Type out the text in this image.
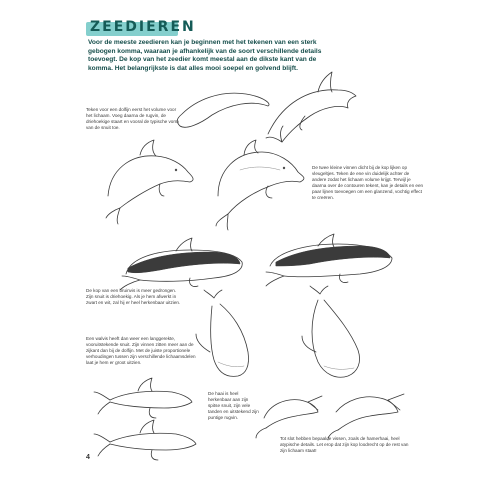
ZEEDIEREN

Voor de meeste zeedieren kan je beginnen met het tekenen van een sterk gebogen komma, waaraan je afhankelijk van de soort verschillende details toevoegt. De kop van het zeedier komt meestal aan de dikste kant van de komma. Het belangrijkste is dat alles mooi soepel en golvend blijft.

Teken voor een dolfijn eerst het volume voor het lichaam. Voeg daarna de rugvin, de driehoekige staart en vooral de typische vorm van de snuit toe.

De twee kleine vinnen dicht bij de kop lijken op vleugeltjes. Teken de ene vin duidelijk achter de andere zodat het lichaam volume krijgt. Terwijl je daarna over de contouren tekent, kan je details en een paar lijnen toevoegen om een glanzend, vochtig effect te creëren.

De kop van een bruinvis is meer gedrongen. Zijn snuit is driehoekig. Als je hem afwerkt in zwart en wit, zal hij er heel herkenbaar uitzien.

Een walvis heeft dan weer een langgerekte, vooruitstekende snuit. Zijn vinnen zitten meer aan de zijkant dan bij de dolfijn. Met de juiste proportionele verhoudingen tussen zijn verschillende lichaamsdelen laat je hem er groot uitzien.

De haai is heel herkenbaar aan zijn spitse snuit, zijn vele tanden en uitstekend zijn puntige rugvin.

Tot slot hebben bepaalde vissen, zoals de hamerhaai, heel atypische details. Let erop dat zijn kop loodrecht op de rest van zijn lichaam staat!

4
